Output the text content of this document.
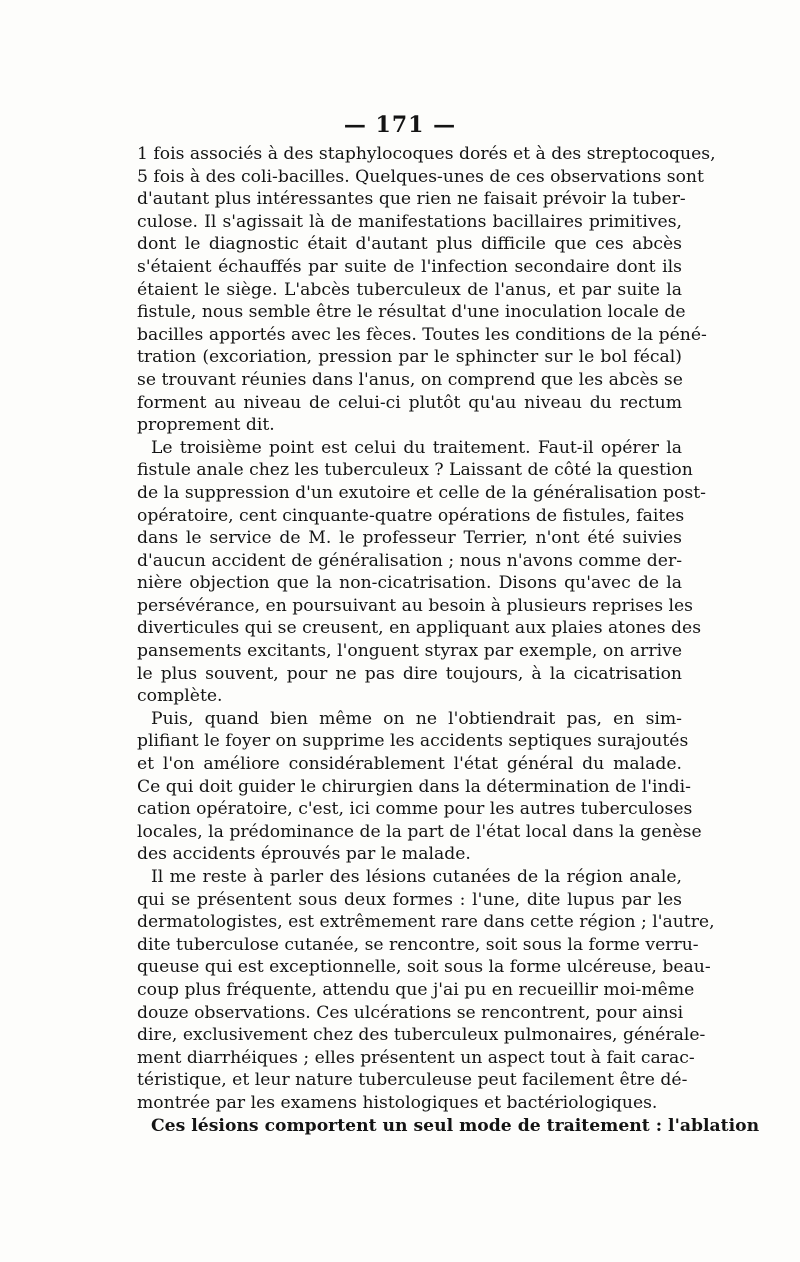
— 171 —
1 fois associés à des staphylocoques dorés et à des streptocoques,
5 fois à des coli-bacilles. Quelques-unes de ces observations sont
d'autant plus intéressantes que rien ne faisait prévoir la tuber-
culose. Il s'agissait là de manifestations bacillaires primitives,
dont le diagnostic était d'autant plus difficile que ces abcès
s'étaient échauffés par suite de l'infection secondaire dont ils
étaient le siège. L'abcès tuberculeux de l'anus, et par suite la
fistule, nous semble être le résultat d'une inoculation locale de
bacilles apportés avec les fèces. Toutes les conditions de la péné-
tration (excoriation, pression par le sphincter sur le bol fécal)
se trouvant réunies dans l'anus, on comprend que les abcès se
forment au niveau de celui-ci plutôt qu'au niveau du rectum
proprement dit.
Le troisième point est celui du traitement. Faut-il opérer la
fistule anale chez les tuberculeux ? Laissant de côté la question
de la suppression d'un exutoire et celle de la généralisation post-
opératoire, cent cinquante-quatre opérations de fistules, faites
dans le service de M. le professeur Terrier, n'ont été suivies
d'aucun accident de généralisation ; nous n'avons comme der-
nière objection que la non-cicatrisation. Disons qu'avec de la
persévérance, en poursuivant au besoin à plusieurs reprises les
diverticules qui se creusent, en appliquant aux plaies atones des
pansements excitants, l'onguent styrax par exemple, on arrive
le plus souvent, pour ne pas dire toujours, à la cicatrisation
complète.
Puis, quand bien même on ne l'obtiendrait pas, en sim-
plifiant le foyer on supprime les accidents septiques surajoutés
et l'on améliore considérablement l'état général du malade.
Ce qui doit guider le chirurgien dans la détermination de l'indi-
cation opératoire, c'est, ici comme pour les autres tuberculoses
locales, la prédominance de la part de l'état local dans la genèse
des accidents éprouvés par le malade.
Il me reste à parler des lésions cutanées de la région anale,
qui se présentent sous deux formes : l'une, dite lupus par les
dermatologistes, est extrêmement rare dans cette région ; l'autre,
dite tuberculose cutanée, se rencontre, soit sous la forme verru-
queuse qui est exceptionnelle, soit sous la forme ulcéreuse, beau-
coup plus fréquente, attendu que j'ai pu en recueillir moi-même
douze observations. Ces ulcérations se rencontrent, pour ainsi
dire, exclusivement chez des tuberculeux pulmonaires, générale-
ment diarrhéiques ; elles présentent un aspect tout à fait carac-
téristique, et leur nature tuberculeuse peut facilement être dé-
montrée par les examens histologiques et bactériologiques.
Ces lésions comportent un seul mode de traitement : l'ablation
